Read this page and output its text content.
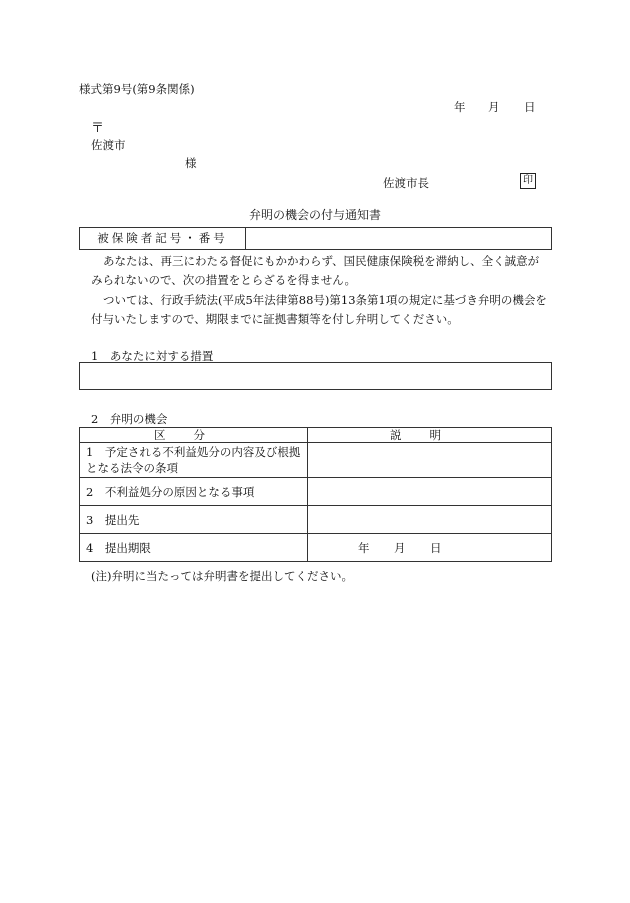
様式第9号(第9条関係)
年 月 日
〒
佐渡市
様
佐渡市長	印
弁明の機会の付与通知書
被保険者記号・番号
あなたは、再三にわたる督促にもかかわらず、国民健康保険税を滞納し、全く誠意が
みられないので、次の措置をとらざるを得ません。
ついては、行政手続法(平成5年法律第88号)第13条第1項の規定に基づき弁明の機会を
付与いたしますので、期限までに証拠書類等を付し弁明してください。
1　あなたに対する措置
2　弁明の機会
区分	説明
1　予定される不利益処分の内容及び根拠となる法令の条項	
2　不利益処分の原因となる事項	
3　提出先	
4　提出期限	年 月 日
(注)弁明に当たっては弁明書を提出してください。
